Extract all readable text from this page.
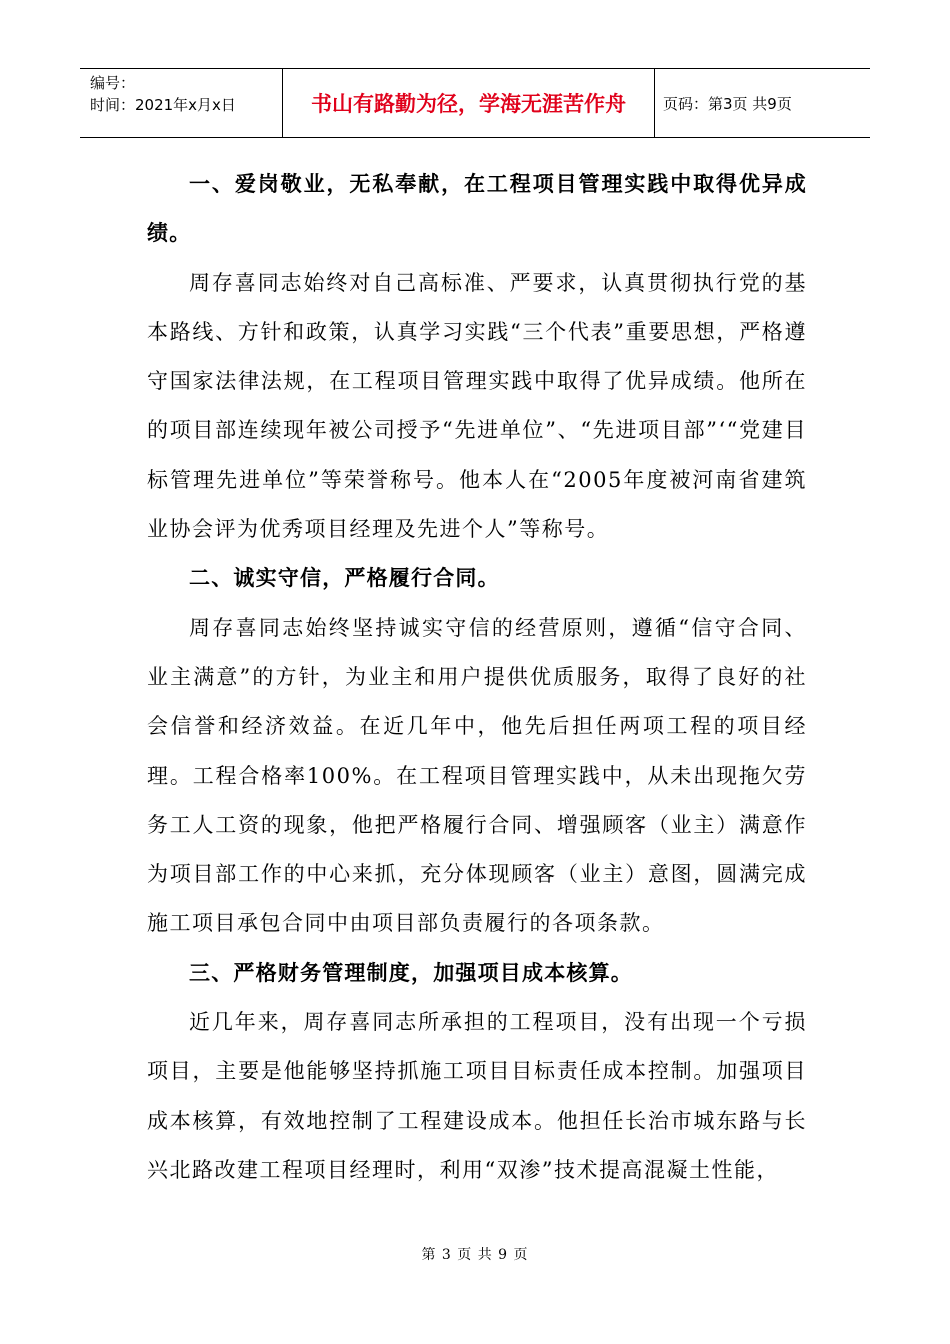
编号：
时间：2021年x月x日	书山有路勤为径，学海无涯苦作舟	页码：第3页 共9页

一、爱岗敬业，无私奉献，在工程项目管理实践中取得优异成绩。

周存喜同志始终对自己高标准、严要求，认真贯彻执行党的基本路线、方针和政策，认真学习实践“三个代表”重要思想，严格遵守国家法律法规，在工程项目管理实践中取得了优异成绩。他所在的项目部连续现年被公司授予“先进单位”、“先进项目部”‘“党建目标管理先进单位”等荣誉称号。他本人在“2005年度被河南省建筑业协会评为优秀项目经理及先进个人”等称号。

二、诚实守信，严格履行合同。

周存喜同志始终坚持诚实守信的经营原则，遵循“信守合同、业主满意”的方针，为业主和用户提供优质服务，取得了良好的社会信誉和经济效益。在近几年中，他先后担任两项工程的项目经理。工程合格率100%。在工程项目管理实践中，从未出现拖欠劳务工人工资的现象，他把严格履行合同、增强顾客（业主）满意作为项目部工作的中心来抓，充分体现顾客（业主）意图，圆满完成施工项目承包合同中由项目部负责履行的各项条款。

三、严格财务管理制度，加强项目成本核算。

近几年来，周存喜同志所承担的工程项目，没有出现一个亏损项目，主要是他能够坚持抓施工项目目标责任成本控制。加强项目成本核算，有效地控制了工程建设成本。他担任长治市城东路与长兴北路改建工程项目经理时，利用“双渗”技术提高混凝土性能，

第 3 页 共 9 页
